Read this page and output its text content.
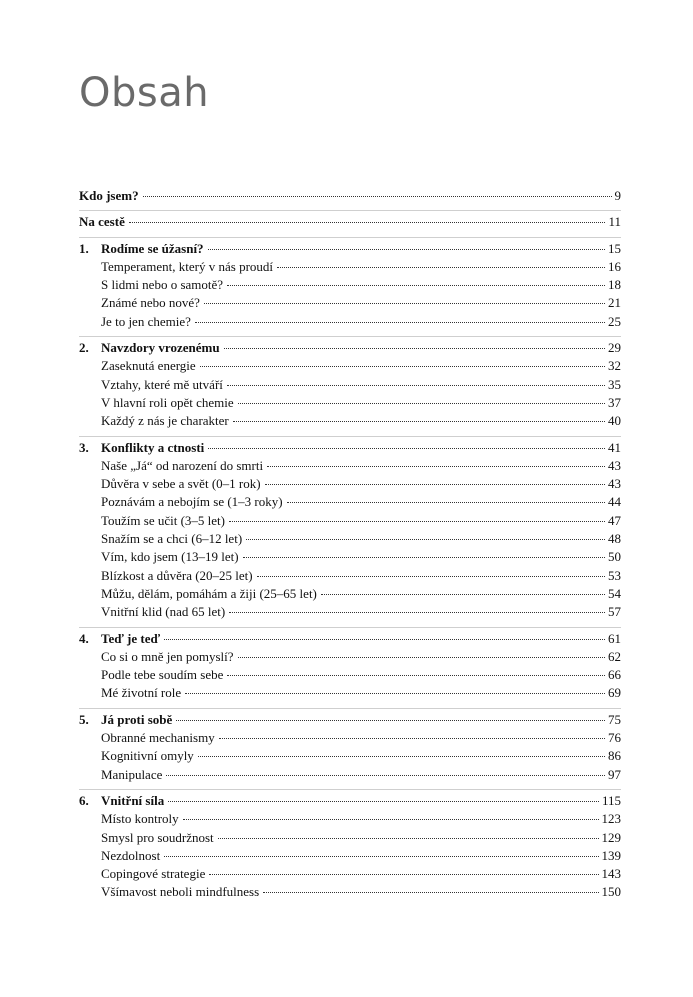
Obsah
Kdo jsem?	9
Na cestě	11
1. Rodíme se úžasní?	15
Temperament, který v nás proudí	16
S lidmi nebo o samotě?	18
Známé nebo nové?	21
Je to jen chemie?	25
2. Navzdory vrozenému	29
Zaseknutá energie	32
Vztahy, které mě utváří	35
V hlavní roli opět chemie	37
Každý z nás je charakter	40
3. Konflikty a ctnosti	41
Naše „Já“ od narození do smrti	43
Důvěra v sebe a svět (0–1 rok)	43
Poznávám a nebojím se (1–3 roky)	44
Toužím se učit (3–5 let)	47
Snažím se a chci (6–12 let)	48
Vím, kdo jsem (13–19 let)	50
Blízkost a důvěra (20–25 let)	53
Můžu, dělám, pomáhám a žiji (25–65 let)	54
Vnitřní klid (nad 65 let)	57
4. Teď je teď	61
Co si o mně jen pomyslí?	62
Podle tebe soudím sebe	66
Mé životní role	69
5. Já proti sobě	75
Obranné mechanismy	76
Kognitivní omyly	86
Manipulace	97
6. Vnitřní síla	115
Místo kontroly	123
Smysl pro soudržnost	129
Nezdolnost	139
Copingové strategie	143
Všímavost neboli mindfulness	150
